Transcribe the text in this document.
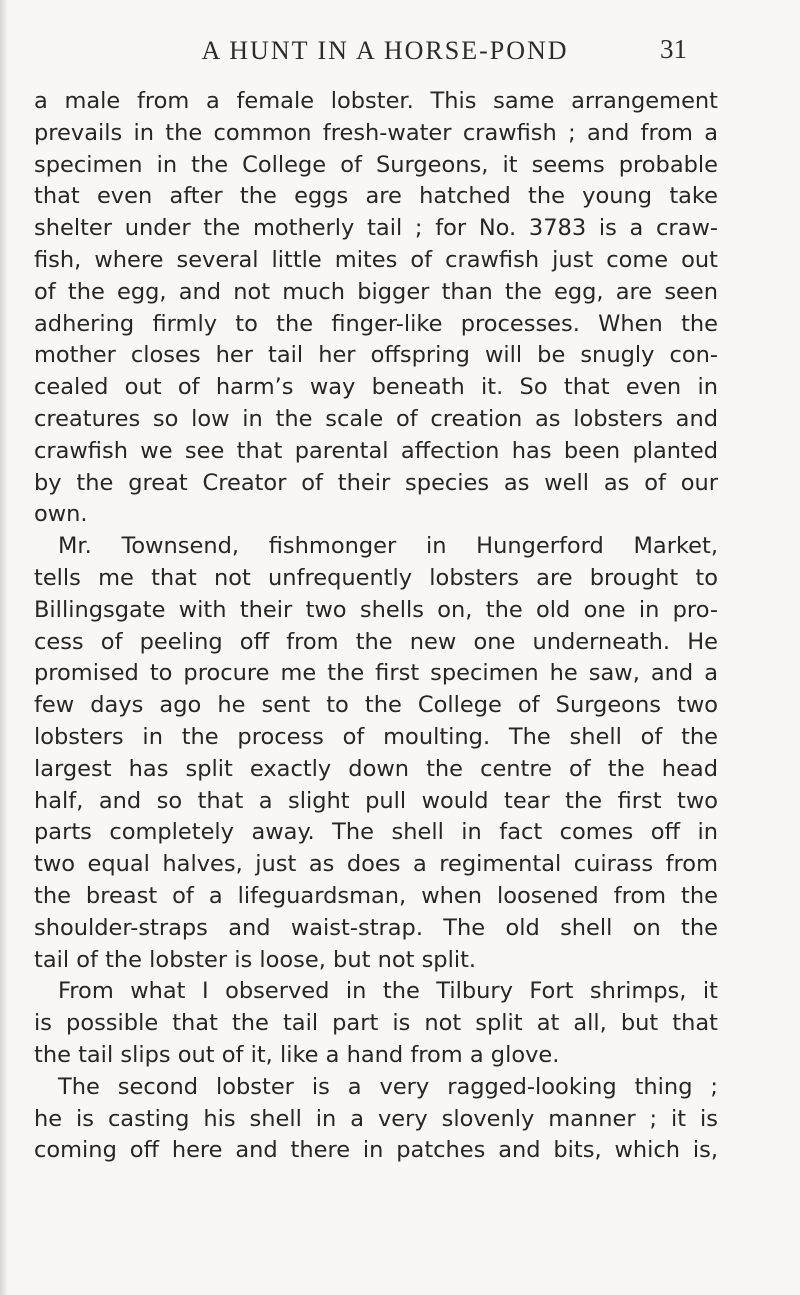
A HUNT IN A HORSE-POND	31
a male from a female lobster. This same arrangement
prevails in the common fresh-water crawfish ; and from a
specimen in the College of Surgeons, it seems probable
that even after the eggs are hatched the young take
shelter under the motherly tail ; for No. 3783 is a craw-
fish, where several little mites of crawfish just come out
of the egg, and not much bigger than the egg, are seen
adhering firmly to the finger-like processes. When the
mother closes her tail her offspring will be snugly con-
cealed out of harm’s way beneath it. So that even in
creatures so low in the scale of creation as lobsters and
crawfish we see that parental affection has been planted
by the great Creator of their species as well as of our
own.
Mr. Townsend, fishmonger in Hungerford Market,
tells me that not unfrequently lobsters are brought to
Billingsgate with their two shells on, the old one in pro-
cess of peeling off from the new one underneath. He
promised to procure me the first specimen he saw, and a
few days ago he sent to the College of Surgeons two
lobsters in the process of moulting. The shell of the
largest has split exactly down the centre of the head
half, and so that a slight pull would tear the first two
parts completely away. The shell in fact comes off in
two equal halves, just as does a regimental cuirass from
the breast of a lifeguardsman, when loosened from the
shoulder-straps and waist-strap. The old shell on the
tail of the lobster is loose, but not split.
From what I observed in the Tilbury Fort shrimps, it
is possible that the tail part is not split at all, but that
the tail slips out of it, like a hand from a glove.
The second lobster is a very ragged-looking thing ;
he is casting his shell in a very slovenly manner ; it is
coming off here and there in patches and bits, which is,
